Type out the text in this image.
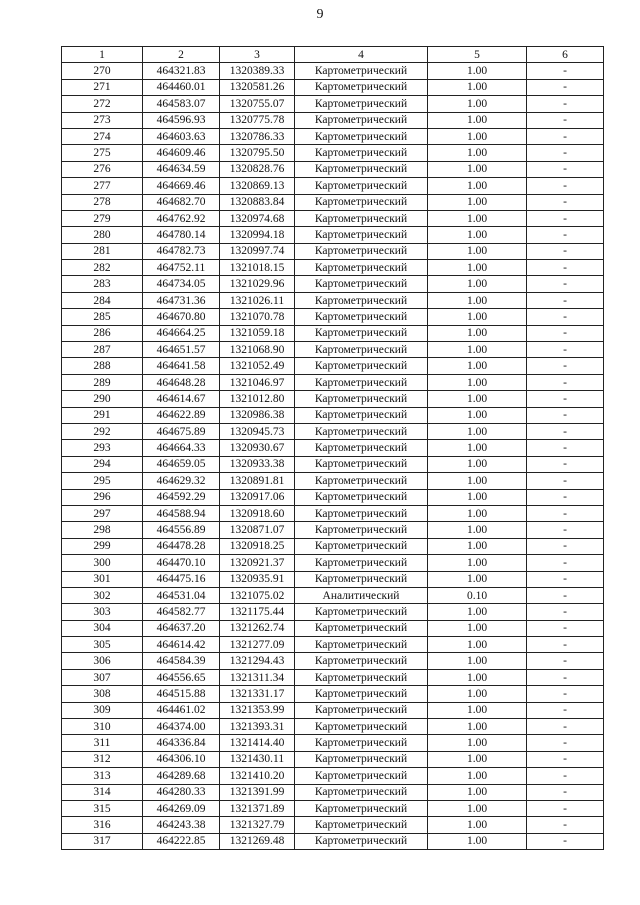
9
1	2	3	4	5	6
270	464321.83	1320389.33	Картометрический	1.00	-
271	464460.01	1320581.26	Картометрический	1.00	-
272	464583.07	1320755.07	Картометрический	1.00	-
273	464596.93	1320775.78	Картометрический	1.00	-
274	464603.63	1320786.33	Картометрический	1.00	-
275	464609.46	1320795.50	Картометрический	1.00	-
276	464634.59	1320828.76	Картометрический	1.00	-
277	464669.46	1320869.13	Картометрический	1.00	-
278	464682.70	1320883.84	Картометрический	1.00	-
279	464762.92	1320974.68	Картометрический	1.00	-
280	464780.14	1320994.18	Картометрический	1.00	-
281	464782.73	1320997.74	Картометрический	1.00	-
282	464752.11	1321018.15	Картометрический	1.00	-
283	464734.05	1321029.96	Картометрический	1.00	-
284	464731.36	1321026.11	Картометрический	1.00	-
285	464670.80	1321070.78	Картометрический	1.00	-
286	464664.25	1321059.18	Картометрический	1.00	-
287	464651.57	1321068.90	Картометрический	1.00	-
288	464641.58	1321052.49	Картометрический	1.00	-
289	464648.28	1321046.97	Картометрический	1.00	-
290	464614.67	1321012.80	Картометрический	1.00	-
291	464622.89	1320986.38	Картометрический	1.00	-
292	464675.89	1320945.73	Картометрический	1.00	-
293	464664.33	1320930.67	Картометрический	1.00	-
294	464659.05	1320933.38	Картометрический	1.00	-
295	464629.32	1320891.81	Картометрический	1.00	-
296	464592.29	1320917.06	Картометрический	1.00	-
297	464588.94	1320918.60	Картометрический	1.00	-
298	464556.89	1320871.07	Картометрический	1.00	-
299	464478.28	1320918.25	Картометрический	1.00	-
300	464470.10	1320921.37	Картометрический	1.00	-
301	464475.16	1320935.91	Картометрический	1.00	-
302	464531.04	1321075.02	Аналитический	0.10	-
303	464582.77	1321175.44	Картометрический	1.00	-
304	464637.20	1321262.74	Картометрический	1.00	-
305	464614.42	1321277.09	Картометрический	1.00	-
306	464584.39	1321294.43	Картометрический	1.00	-
307	464556.65	1321311.34	Картометрический	1.00	-
308	464515.88	1321331.17	Картометрический	1.00	-
309	464461.02	1321353.99	Картометрический	1.00	-
310	464374.00	1321393.31	Картометрический	1.00	-
311	464336.84	1321414.40	Картометрический	1.00	-
312	464306.10	1321430.11	Картометрический	1.00	-
313	464289.68	1321410.20	Картометрический	1.00	-
314	464280.33	1321391.99	Картометрический	1.00	-
315	464269.09	1321371.89	Картометрический	1.00	-
316	464243.38	1321327.79	Картометрический	1.00	-
317	464222.85	1321269.48	Картометрический	1.00	-
